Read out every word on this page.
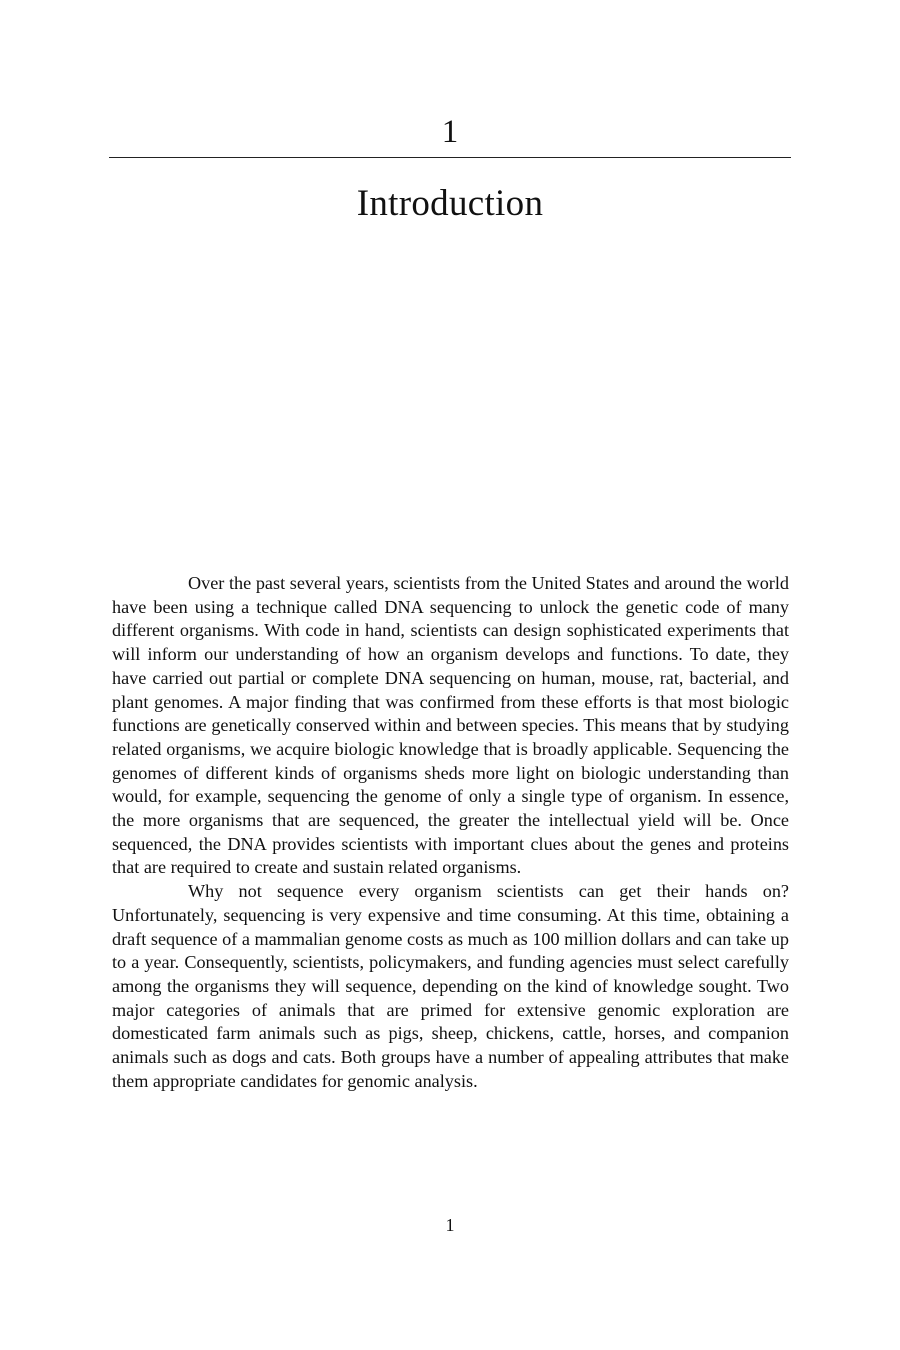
1
Introduction

Over the past several years, scientists from the United States and around the world have been using a technique called DNA sequencing to unlock the genetic code of many different organisms. With code in hand, scientists can design sophisticated experiments that will inform our understanding of how an organism develops and functions. To date, they have carried out partial or complete DNA sequencing on human, mouse, rat, bacterial, and plant genomes. A major finding that was confirmed from these efforts is that most biologic functions are genetically conserved within and between species. This means that by studying related organisms, we acquire biologic knowledge that is broadly applicable. Sequencing the genomes of different kinds of organisms sheds more light on biologic understanding than would, for example, sequencing the genome of only a single type of organism. In essence, the more organisms that are sequenced, the greater the intellectual yield will be. Once sequenced, the DNA provides scientists with important clues about the genes and proteins that are required to create and sustain related organisms.

Why not sequence every organism scientists can get their hands on? Unfortunately, sequencing is very expensive and time consuming. At this time, obtaining a draft sequence of a mammalian genome costs as much as 100 million dollars and can take up to a year. Consequently, scientists, policymakers, and funding agencies must select carefully among the organisms they will sequence, depending on the kind of knowledge sought. Two major categories of animals that are primed for extensive genomic exploration are domesticated farm animals such as pigs, sheep, chickens, cattle, horses, and companion animals such as dogs and cats. Both groups have a number of appealing attributes that make them appropriate candidates for genomic analysis.

1
